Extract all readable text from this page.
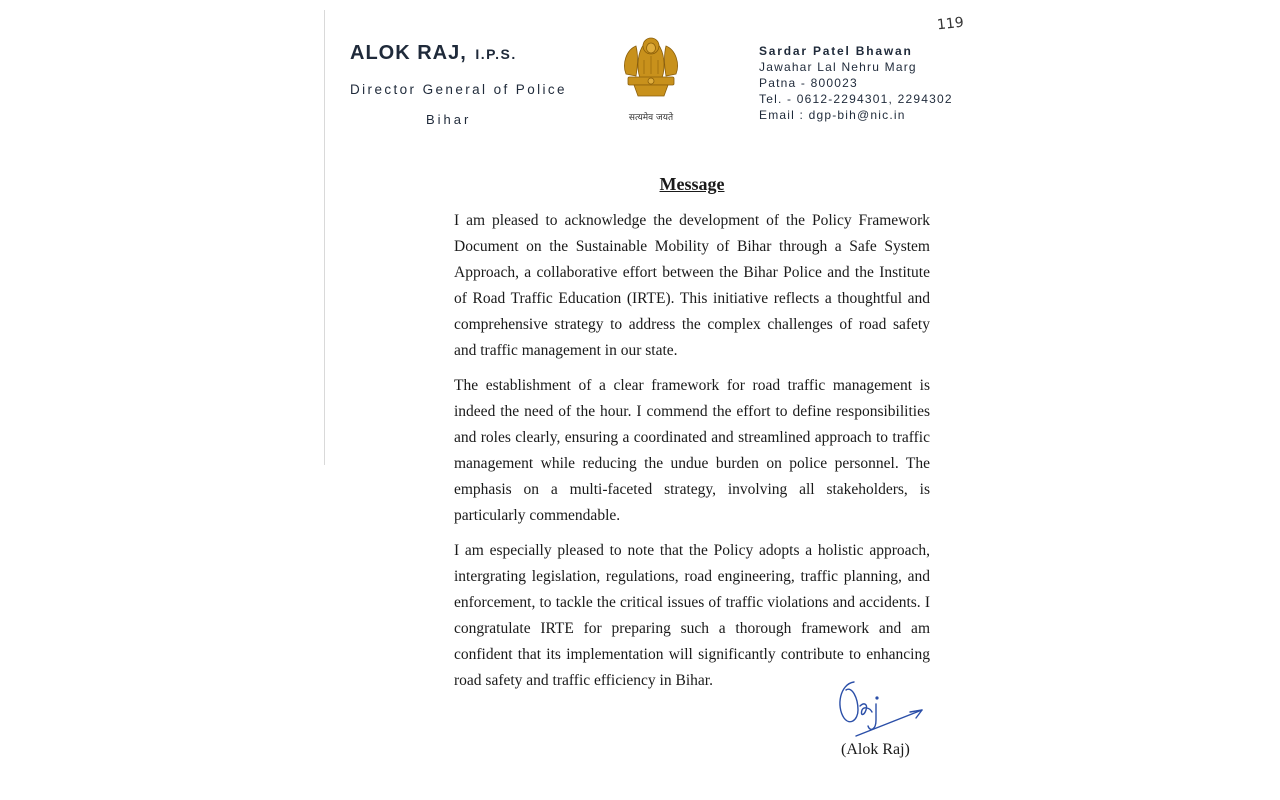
ALOK RAJ, I.P.S.
Director General of Police
Bihar	सत्यमेव जयते
Sardar Patel Bhawan
Jawahar Lal Nehru Marg
Patna - 800023
Tel. - 0612-2294301, 2294302
Email : dgp-bih@nic.in
119
Message

I am pleased to acknowledge the development of the Policy Framework Document on the Sustainable Mobility of Bihar through a Safe System Approach, a collaborative effort between the Bihar Police and the Institute of Road Traffic Education (IRTE). This initiative reflects a thoughtful and comprehensive strategy to address the complex challenges of road safety and traffic management in our state.

The establishment of a clear framework for road traffic management is indeed the need of the hour. I commend the effort to define responsibilities and roles clearly, ensuring a coordinated and streamlined approach to traffic management while reducing the undue burden on police personnel. The emphasis on a multi-faceted strategy, involving all stakeholders, is particularly commendable.

I am especially pleased to note that the Policy adopts a holistic approach, intergrating legislation, regulations, road engineering, traffic planning, and enforcement, to tackle the critical issues of traffic violations and accidents. I congratulate IRTE for preparing such a thorough framework and am confident that its implementation will significantly contribute to enhancing road safety and traffic efficiency in Bihar.

(Alok Raj)
